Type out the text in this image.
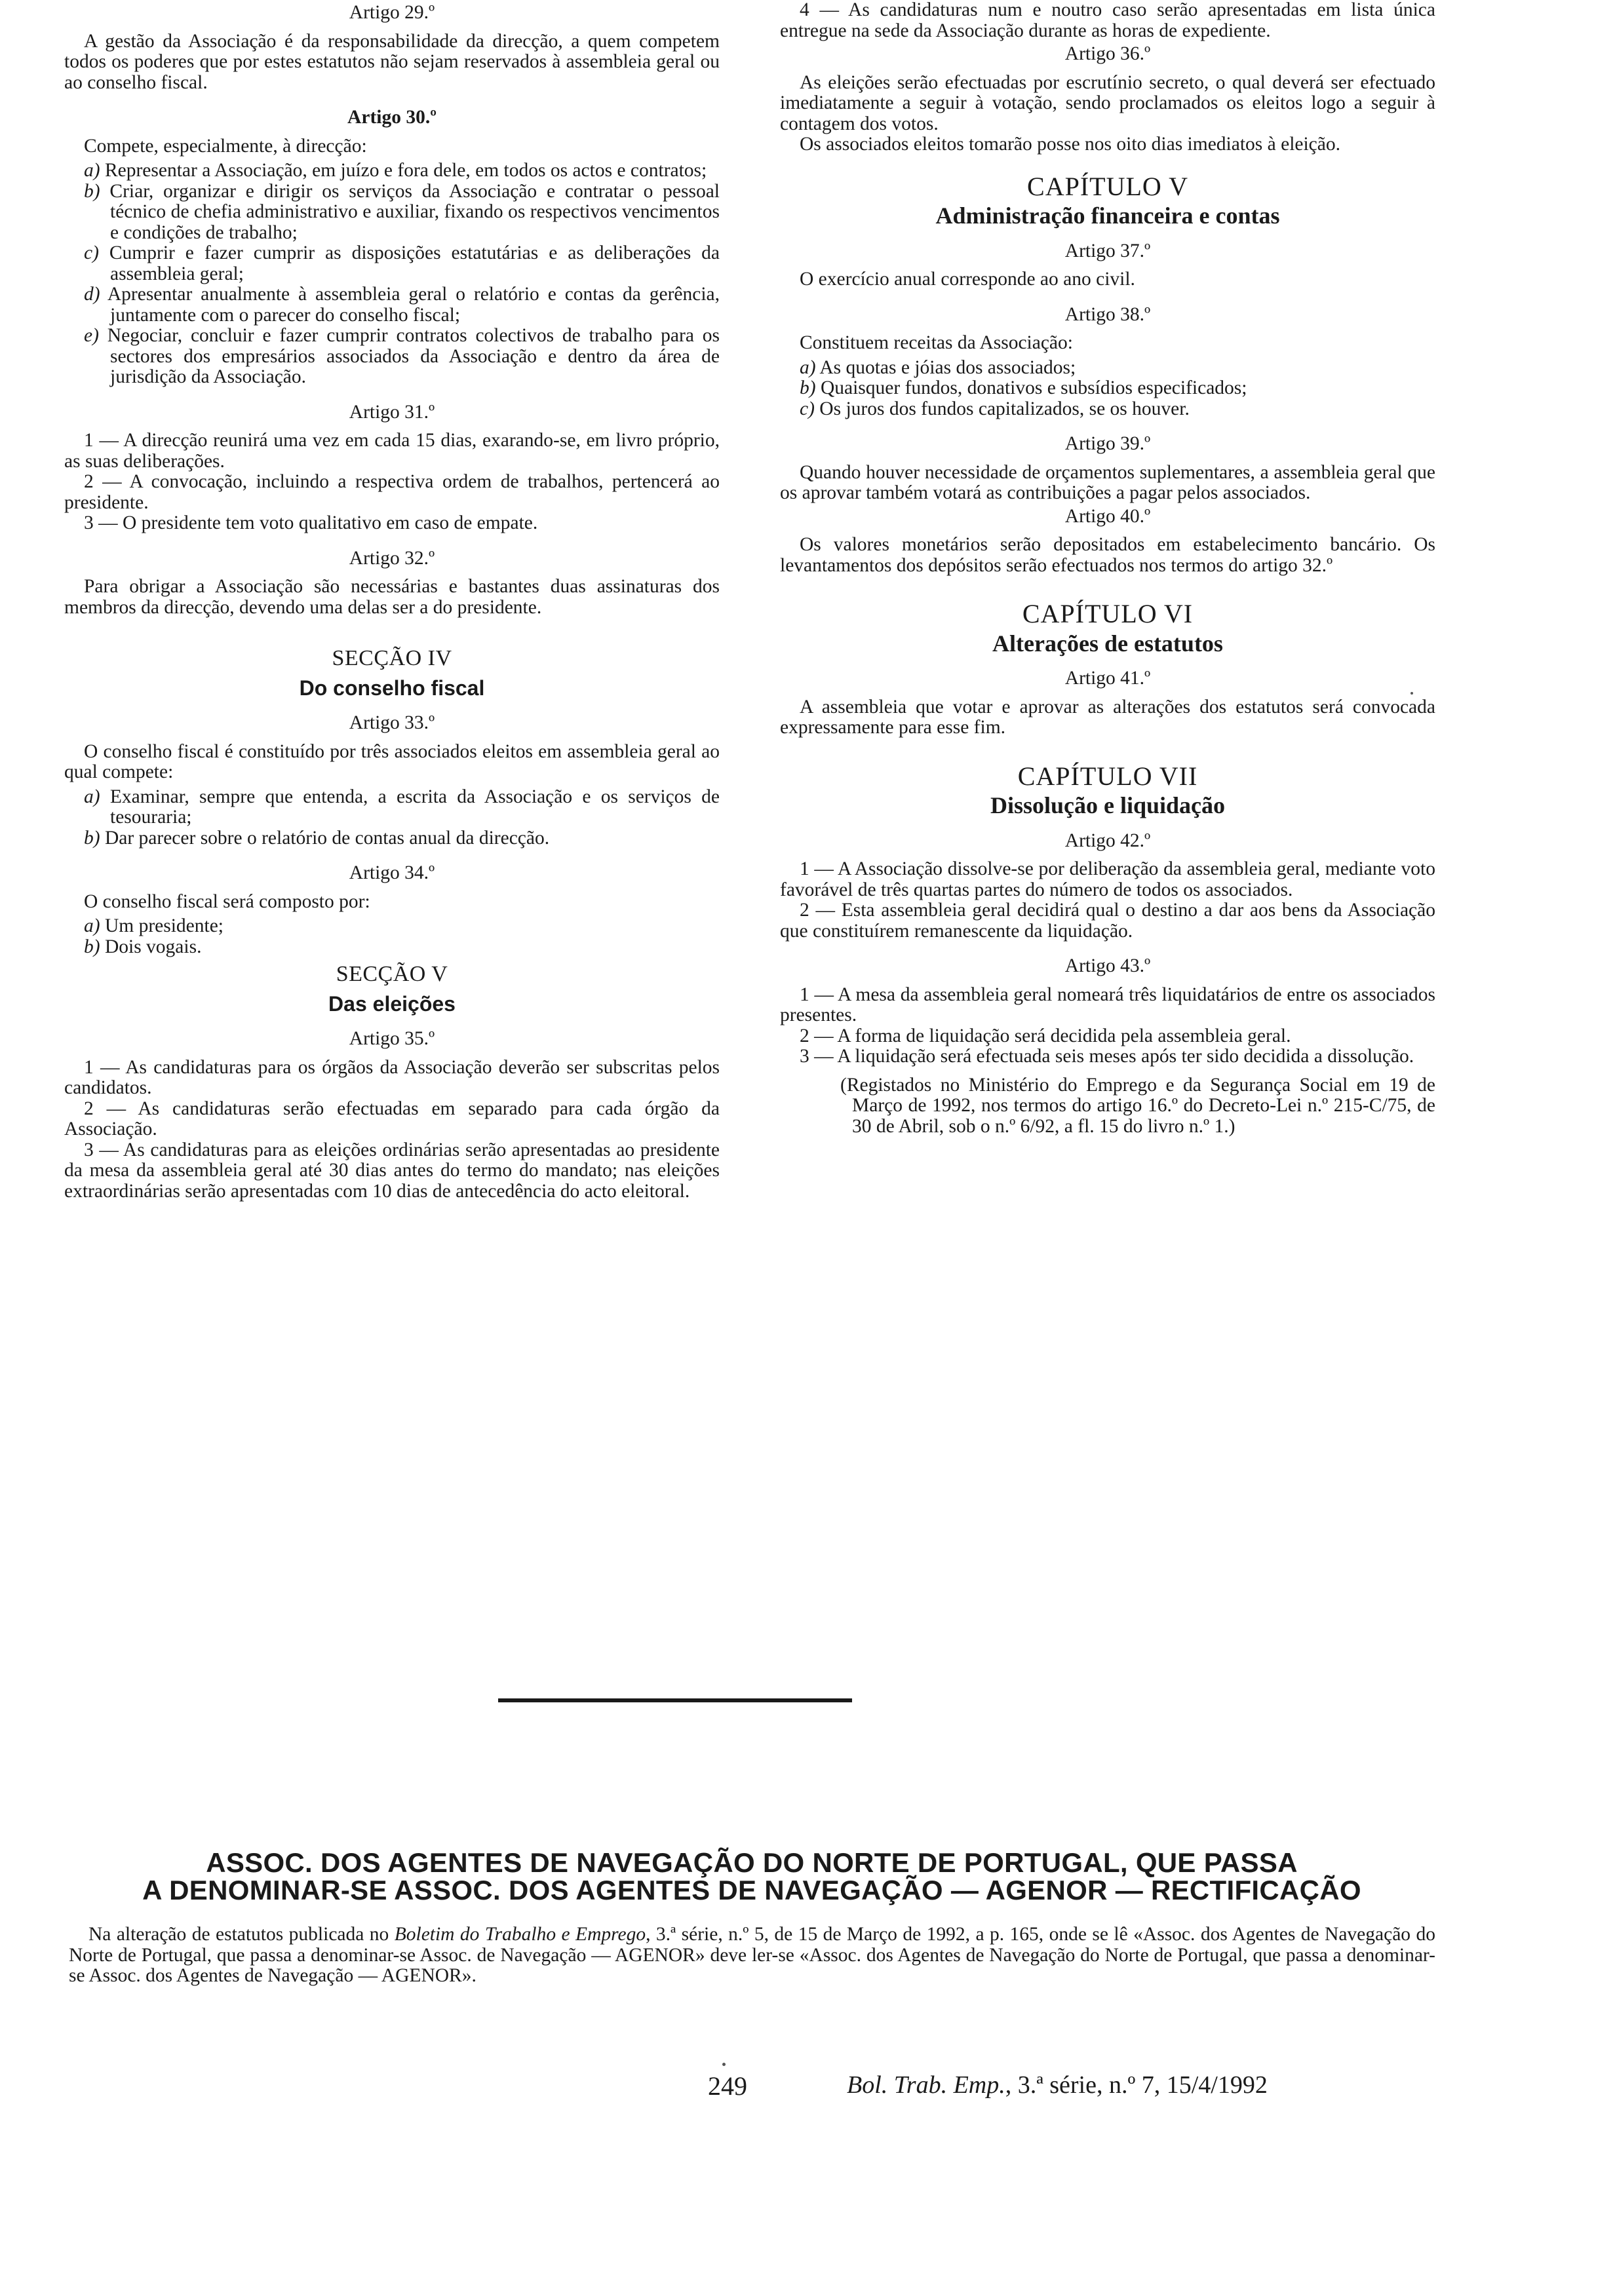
Artigo 29.º

A gestão da Associação é da responsabilidade da direcção, a quem competem todos os poderes que por estes estatutos não sejam reservados à assembleia geral ou ao conselho fiscal.

Artigo 30.º

Compete, especialmente, à direcção:

a) Representar a Associação, em juízo e fora dele, em todos os actos e contratos;
b) Criar, organizar e dirigir os serviços da Associação e contratar o pessoal técnico de chefia administrativo e auxiliar, fixando os respectivos vencimentos e condições de trabalho;
c) Cumprir e fazer cumprir as disposições estatutárias e as deliberações da assembleia geral;
d) Apresentar anualmente à assembleia geral o relatório e contas da gerência, juntamente com o parecer do conselho fiscal;
e) Negociar, concluir e fazer cumprir contratos colectivos de trabalho para os sectores dos empresários associados da Associação e dentro da área de jurisdição da Associação.
Artigo 31.º

1 — A direcção reunirá uma vez em cada 15 dias, exarando-se, em livro próprio, as suas deliberações.

2 — A convocação, incluindo a respectiva ordem de trabalhos, pertencerá ao presidente.

3 — O presidente tem voto qualitativo em caso de empate.

Artigo 32.º

Para obrigar a Associação são necessárias e bastantes duas assinaturas dos membros da direcção, devendo uma delas ser a do presidente.

SECÇÃO IV
Do conselho fiscal
Artigo 33.º

O conselho fiscal é constituído por três associados eleitos em assembleia geral ao qual compete:

a) Examinar, sempre que entenda, a escrita da Associação e os serviços de tesouraria;
b) Dar parecer sobre o relatório de contas anual da direcção.
Artigo 34.º

O conselho fiscal será composto por:

a) Um presidente;
b) Dois vogais.
SECÇÃO V
Das eleições
Artigo 35.º

1 — As candidaturas para os órgãos da Associação deverão ser subscritas pelos candidatos.

2 — As candidaturas serão efectuadas em separado para cada órgão da Associação.

3 — As candidaturas para as eleições ordinárias serão apresentadas ao presidente da mesa da assembleia geral até 30 dias antes do termo do mandato; nas eleições extraordinárias serão apresentadas com 10 dias de antecedência do acto eleitoral.

4 — As candidaturas num e noutro caso serão apresentadas em lista única entregue na sede da Associação durante as horas de expediente.

Artigo 36.º

As eleições serão efectuadas por escrutínio secreto, o qual deverá ser efectuado imediatamente a seguir à votação, sendo proclamados os eleitos logo a seguir à contagem dos votos.

Os associados eleitos tomarão posse nos oito dias imediatos à eleição.

CAPÍTULO V
Administração financeira e contas
Artigo 37.º

O exercício anual corresponde ao ano civil.

Artigo 38.º

Constituem receitas da Associação:

a) As quotas e jóias dos associados;
b) Quaisquer fundos, donativos e subsídios especificados;
c) Os juros dos fundos capitalizados, se os houver.
Artigo 39.º

Quando houver necessidade de orçamentos suplementares, a assembleia geral que os aprovar também votará as contribuições a pagar pelos associados.

Artigo 40.º

Os valores monetários serão depositados em estabelecimento bancário. Os levantamentos dos depósitos serão efectuados nos termos do artigo 32.º

CAPÍTULO VI
Alterações de estatutos
Artigo 41.º

A assembleia que votar e aprovar as alterações dos estatutos será convocada expressamente para esse fim.

CAPÍTULO VII
Dissolução e liquidação
Artigo 42.º

1 — A Associação dissolve-se por deliberação da assembleia geral, mediante voto favorável de três quartas partes do número de todos os associados.

2 — Esta assembleia geral decidirá qual o destino a dar aos bens da Associação que constituírem remanescente da liquidação.

Artigo 43.º

1 — A mesa da assembleia geral nomeará três liquidatários de entre os associados presentes.

2 — A forma de liquidação será decidida pela assembleia geral.

3 — A liquidação será efectuada seis meses após ter sido decidida a dissolução.

(Registados no Ministério do Emprego e da Segurança Social em 19 de Março de 1992, nos termos do artigo 16.º do Decreto-Lei n.º 215-C/75, de 30 de Abril, sob o n.º 6/92, a fl. 15 do livro n.º 1.)

ASSOC. DOS AGENTES DE NAVEGAÇÃO DO NORTE DE PORTUGAL, QUE PASSA
A DENOMINAR-SE ASSOC. DOS AGENTES DE NAVEGAÇÃO — AGENOR — RECTIFICAÇÃO

Na alteração de estatutos publicada no Boletim do Trabalho e Emprego, 3.ª série, n.º 5, de 15 de Março de 1992, a p. 165, onde se lê «Assoc. dos Agentes de Navegação do Norte de Portugal, que passa a denominar-se Assoc. de Navegação — AGENOR» deve ler-se «Assoc. dos Agentes de Navegação do Norte de Portugal, que passa a denominar-se Assoc. dos Agentes de Navegação — AGENOR».

249	Bol. Trab. Emp., 3.ª série, n.º 7, 15/4/1992
